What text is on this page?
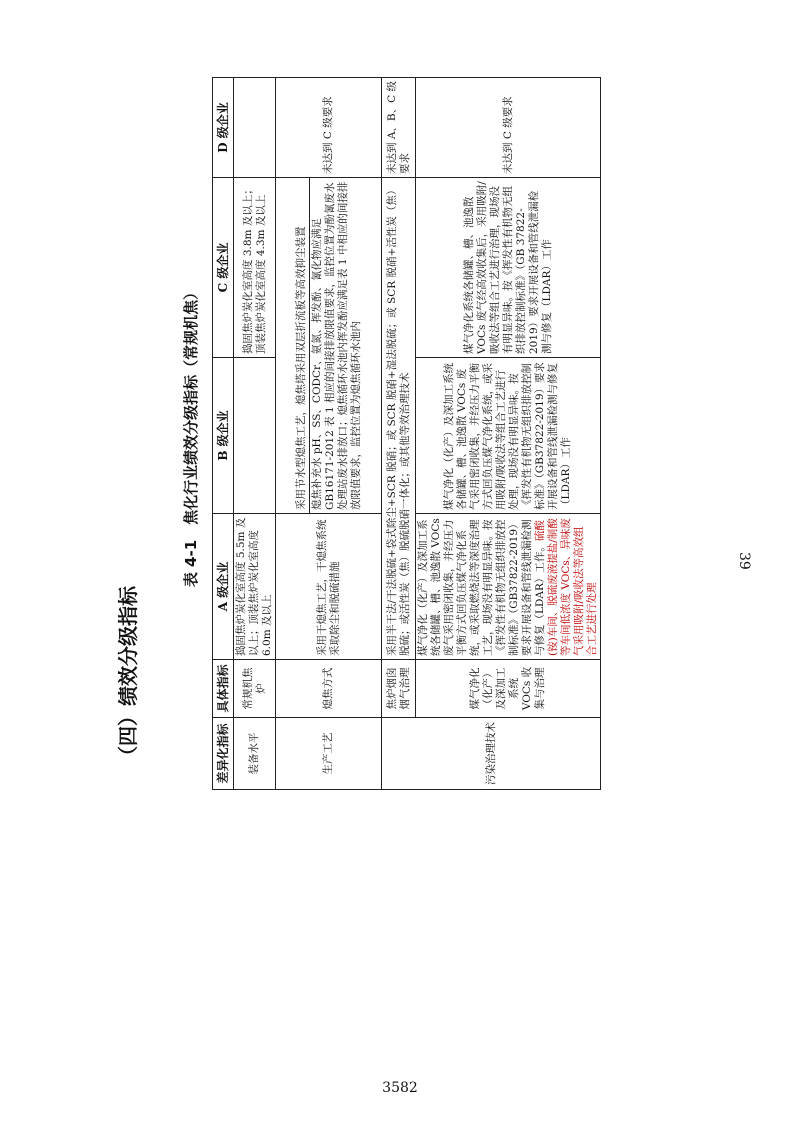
（四）绩效分级指标
表 4-1　焦化行业绩效分级指标（常规机焦）
差异化指标	具体指标	A 级企业	B 级企业	C 级企业	D 级企业
装备水平	常规机焦炉	捣固焦炉炭化室高度 5.5m 及以上；顶装焦炉炭化室高度 6.0m 及以上		捣固焦炉炭化室高度 3.8m 及以上；顶装焦炉炭化室高度 4.3m 及以上	
生产工艺	熄焦方式	采用干熄焦工艺，干熄焦系统采取除尘和脱硫措施	采用节水型熄焦工艺，熄焦塔采用双层折流板等高效抑尘装置 熄焦补充水 pH、SS、CODCr、氨氮、挥发酚、氰化物应满足 GB16171-2012 表 1 相应的间接排放限值要求，监控位置为酚氰废水处理站废水排放口；熄焦循环水池内挥发酚应满足表 1 中相应的间接排放限值要求，监控位置为熄焦循环水池内		未达到 C 级要求
污染治理技术	焦炉烟囱烟气治理	采用半干法/干法脱硫+袋式除尘+SCR 脱硝；或 SCR 脱硝+湿法脱硫；或 SCR 脱硝+活性炭（焦）脱硫；或活性炭（焦）脱硫脱硝一体化；或其他等效治理技术			未达到 A、B、C 级要求
	煤气净化（化产）及深加工系统 VOCs 收集与治理	煤气净化（化产）及深加工系统各储罐、槽、池逸散 VOCs 废气采用密闭收集，并经压力平衡方式回负压煤气净化系统，或采取燃烧法等深度治理工艺，现场没有明显异味。按《挥发性有机物无组织排放控制标准》（GB37822-2019）要求开展设备和管线泄漏检测与修复（LDAR）工作。硫酸(铵)车间、脱硫废液提盐/制酸等车间低浓度 VOCs、异味废气采用吸附/吸收法等高效组合工艺进行处理	煤气净化（化产）及深加工系统各储罐、槽、池逸散 VOCs 废气采用密闭收集，并经压力平衡方式回负压煤气净化系统，或采用吸附/吸收法等组合工艺进行处理，现场没有明显异味。按《挥发性有机物无组织排放控制标准》（GB37822-2019）要求开展设备和管线泄漏检测与修复（LDAR）工作	煤气净化系统各储罐、槽、池逸散 VOCs 废气经高效收集后，采用吸附/吸收法等组合工艺进行治理，现场没有明显异味。按《挥发性有机物无组织排放控制标准》（GB 37822-2019）要求开展设备和管线泄漏检测与修复（LDAR）工作	未达到 C 级要求
39
3582
